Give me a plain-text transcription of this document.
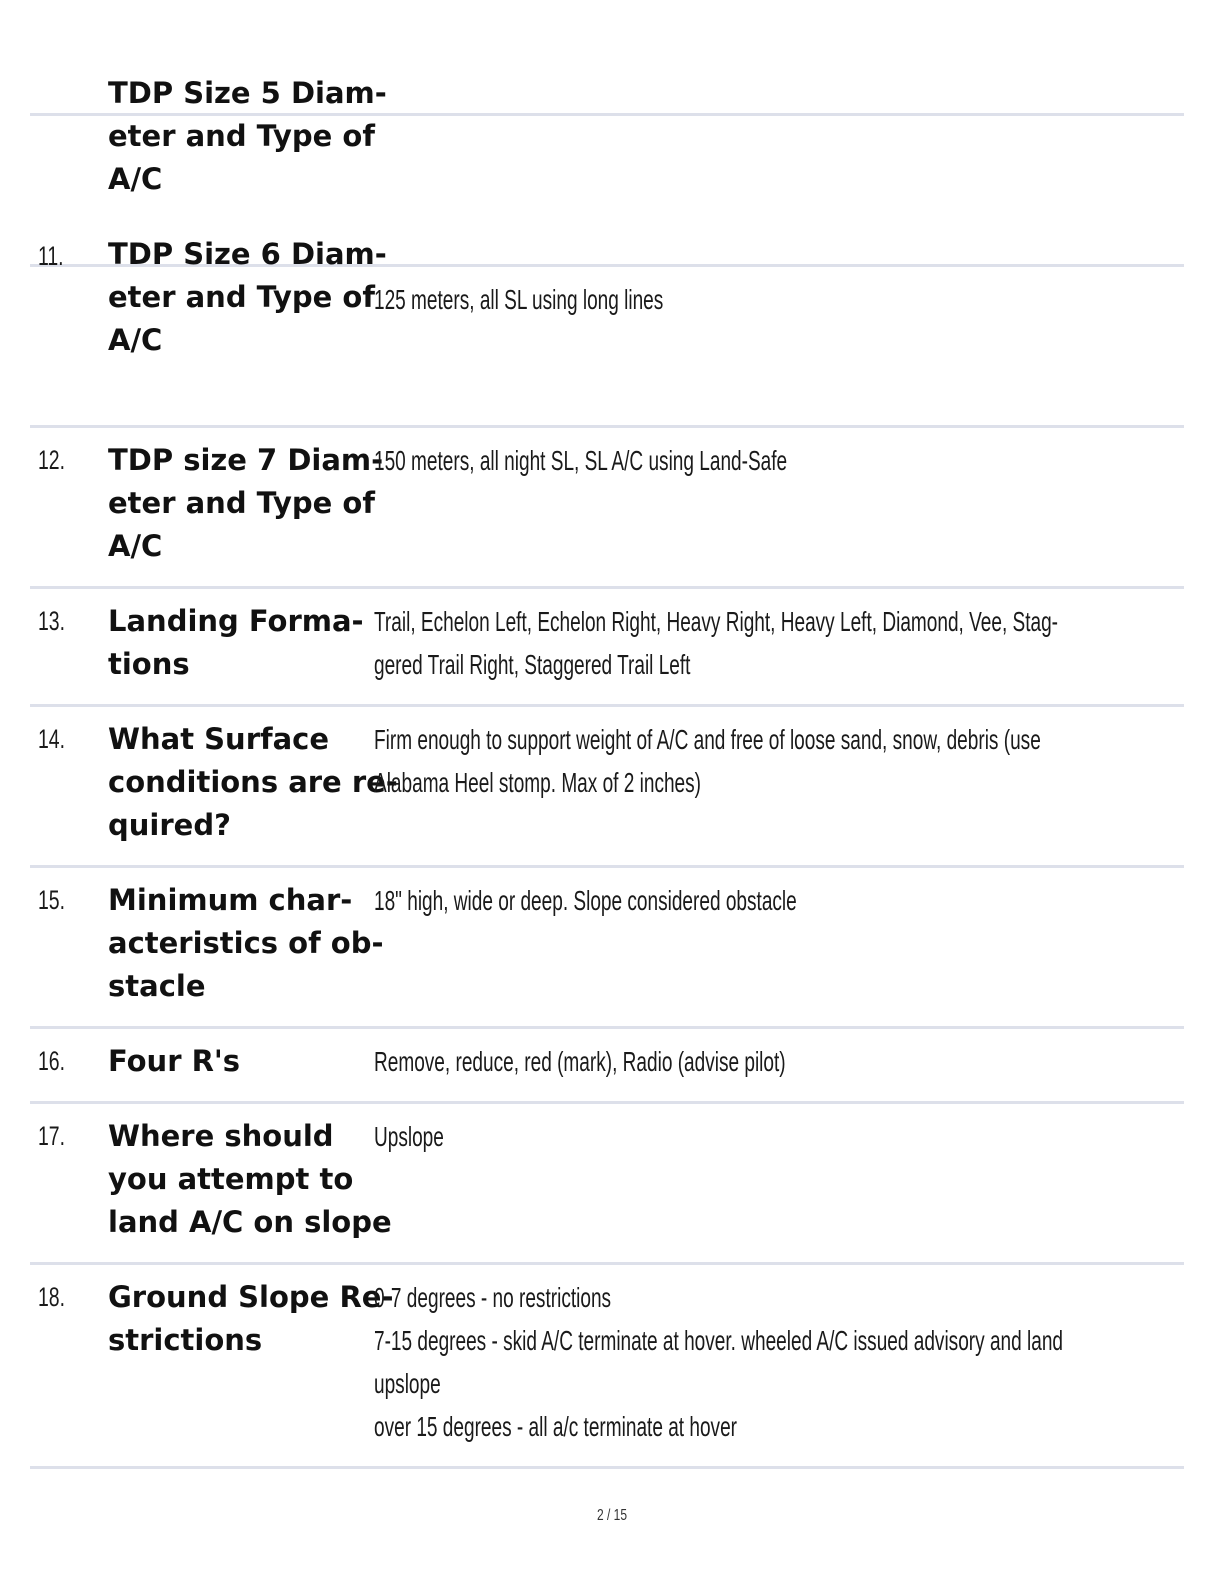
TDP Size 5 Diam-
eter and Type of
A/C
11. TDP Size 6 Diam-
eter and Type of
A/C
125 meters, all SL using long lines
12. TDP size 7 Diam-
eter and Type of
A/C
150 meters, all night SL, SL A/C using Land-Safe
13. Landing Forma-
tions
Trail, Echelon Left, Echelon Right, Heavy Right, Heavy Left, Diamond, Vee, Stag-
gered Trail Right, Staggered Trail Left
14. What Surface
conditions are re-
quired?
Firm enough to support weight of A/C and free of loose sand, snow, debris (use
Alabama Heel stomp. Max of 2 inches)
15. Minimum char-
acteristics of ob-
stacle
18" high, wide or deep. Slope considered obstacle
16. Four R's	Remove, reduce, red (mark), Radio (advise pilot)
17. Where should
you attempt to
land A/C on slope
Upslope
18. Ground Slope Re-
strictions
0-7 degrees - no restrictions
7-15 degrees - skid A/C terminate at hover. wheeled A/C issued advisory and land
upslope
over 15 degrees - all a/c terminate at hover
2 / 15
